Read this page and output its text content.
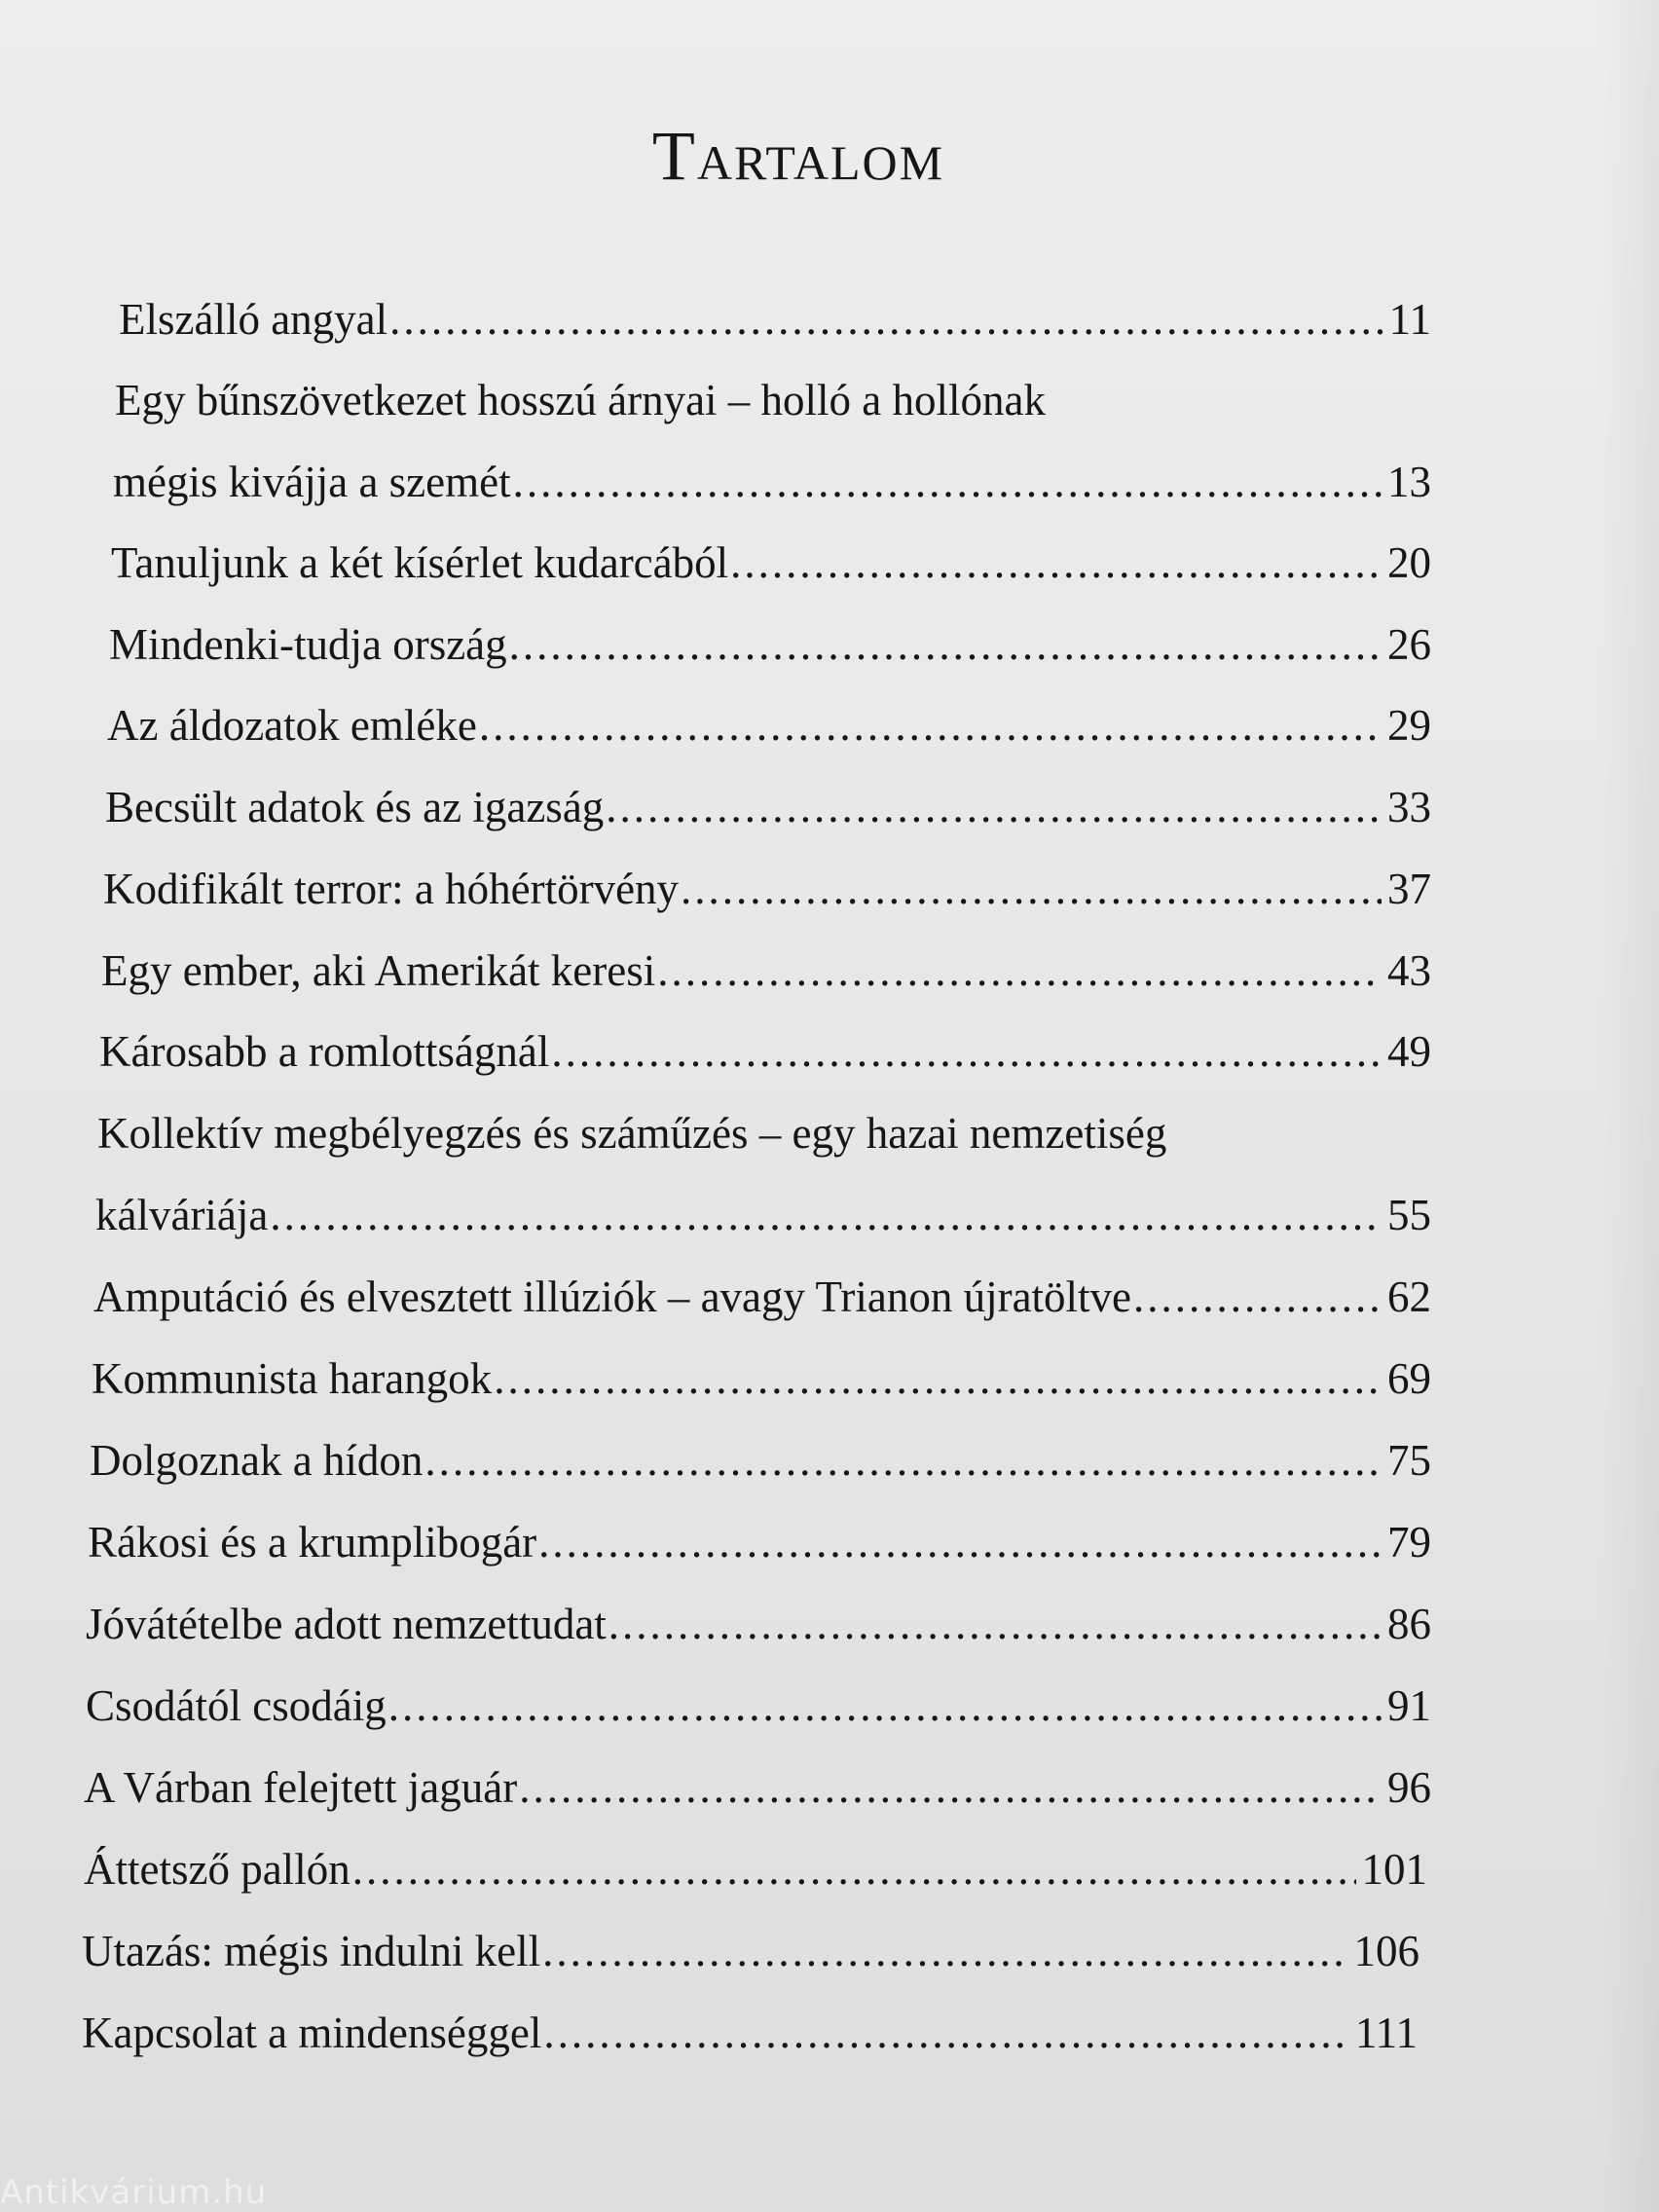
Tartalom
Elszálló angyal .....	11
Egy bűnszövetkezet hosszú árnyai – holló a hollónak
mégis kivájja a szemét .....	13
Tanuljunk a két kísérlet kudarcából .....	20
Mindenki-tudja ország .....	26
Az áldozatok emléke .....	29
Becsült adatok és az igazság .....	33
Kodifikált terror: a hóhértörvény .....	37
Egy ember, aki Amerikát keresi .....	43
Károsabb a romlottságnál .....	49
Kollektív megbélyegzés és száműzés – egy hazai nemzetiség
kálváriája .....	55
Amputáció és elvesztett illúziók – avagy Trianon újratöltve .....	62
Kommunista harangok .....	69
Dolgoznak a hídon .....	75
Rákosi és a krumplibogár .....	79
Jóvátételbe adott nemzettudat .....	86
Csodától csodáig .....	91
A Várban felejtett jaguár .....	96
Áttetsző pallón .....	101
Utazás: mégis indulni kell .....	106
Kapcsolat a mindenséggel .....	111
Antikvárium.hu
